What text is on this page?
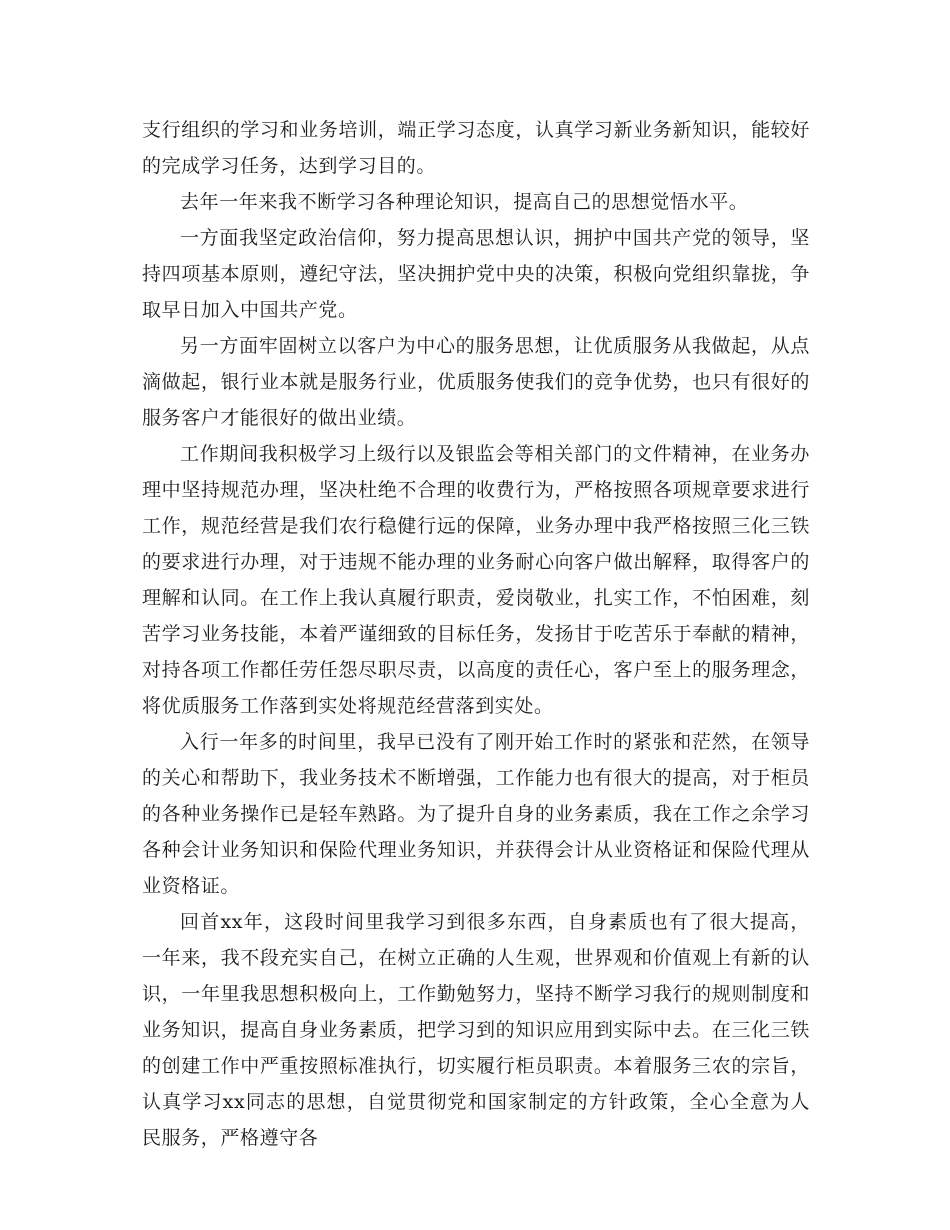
支行组织的学习和业务培训，端正学习态度，认真学习新业务新知识，能较好的完成学习任务，达到学习目的。

去年一年来我不断学习各种理论知识，提高自己的思想觉悟水平。

一方面我坚定政治信仰，努力提高思想认识，拥护中国共产党的领导，坚持四项基本原则，遵纪守法，坚决拥护党中央的决策，积极向党组织靠拢，争取早日加入中国共产党。

另一方面牢固树立以客户为中心的服务思想，让优质服务从我做起，从点滴做起，银行业本就是服务行业，优质服务使我们的竞争优势，也只有很好的服务客户才能很好的做出业绩。

工作期间我积极学习上级行以及银监会等相关部门的文件精神，在业务办理中坚持规范办理，坚决杜绝不合理的收费行为，严格按照各项规章要求进行工作，规范经营是我们农行稳健行远的保障，业务办理中我严格按照三化三铁的要求进行办理，对于违规不能办理的业务耐心向客户做出解释，取得客户的理解和认同。在工作上我认真履行职责，爱岗敬业，扎实工作，不怕困难，刻苦学习业务技能，本着严谨细致的目标任务，发扬甘于吃苦乐于奉献的精神，对持各项工作都任劳任怨尽职尽责，以高度的责任心，客户至上的服务理念，将优质服务工作落到实处将规范经营落到实处。

入行一年多的时间里，我早已没有了刚开始工作时的紧张和茫然，在领导的关心和帮助下，我业务技术不断增强，工作能力也有很大的提高，对于柜员的各种业务操作已是轻车熟路。为了提升自身的业务素质，我在工作之余学习各种会计业务知识和保险代理业务知识，并获得会计从业资格证和保险代理从业资格证。

回首xx年，这段时间里我学习到很多东西，自身素质也有了很大提高，一年来，我不段充实自己，在树立正确的人生观，世界观和价值观上有新的认识，一年里我思想积极向上，工作勤勉努力，坚持不断学习我行的规则制度和业务知识，提高自身业务素质，把学习到的知识应用到实际中去。在三化三铁的创建工作中严重按照标准执行，切实履行柜员职责。本着服务三农的宗旨，认真学习xx同志的思想，自觉贯彻党和国家制定的方针政策，全心全意为人民服务，严格遵守各
